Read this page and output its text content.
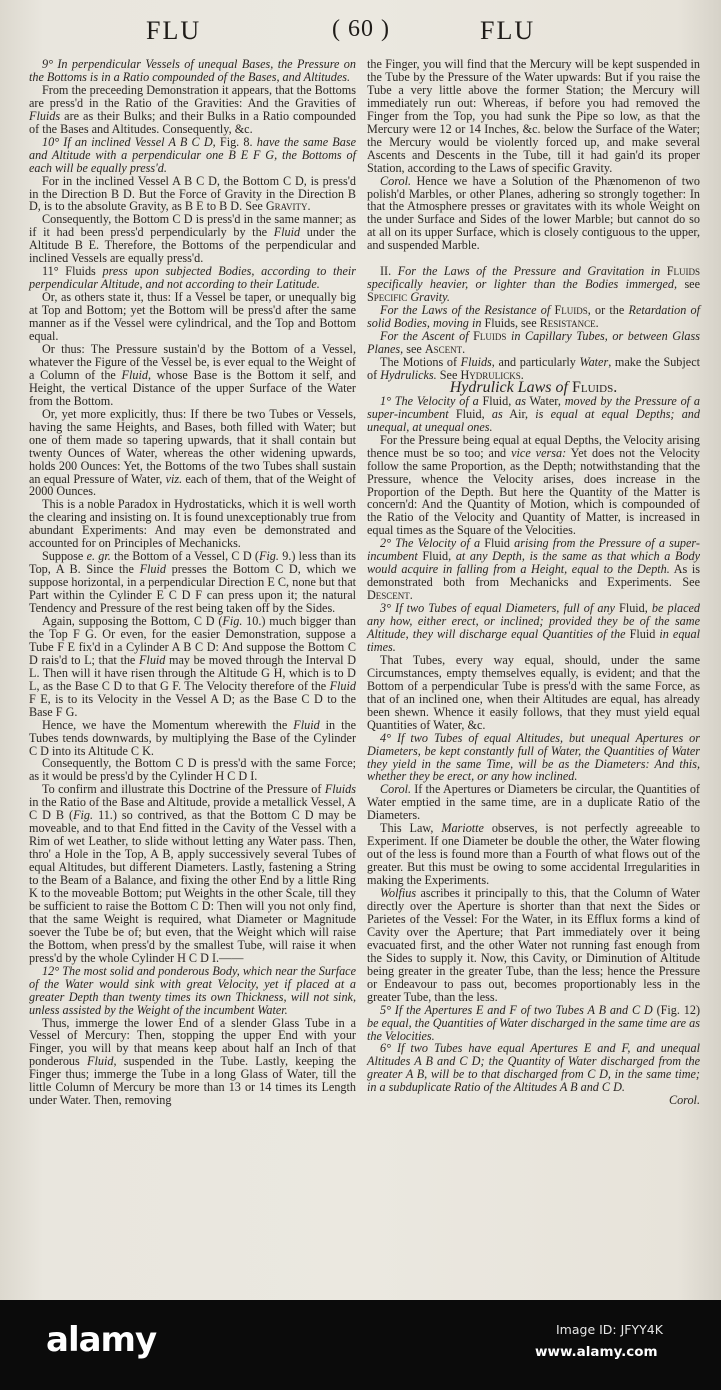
FLU	( 60 )	FLU

9° In perpendicular Vessels of unequal Bases, the Pressure on the Bottoms is in a Ratio compounded of the Bases, and Altitudes.

From the preceeding Demonstration it appears, that the Bottoms are press'd in the Ratio of the Gravities: And the Gravities of Fluids are as their Bulks; and their Bulks in a Ratio compounded of the Bases and Altitudes. Consequently, &c.

10° If an inclined Vessel A B C D, Fig. 8. have the same Base and Altitude with a perpendicular one B E F G, the Bottoms of each will be equally press'd.

For in the inclined Vessel A B C D, the Bottom C D, is press'd in the Direction B D. But the Force of Gravity in the Direction B D, is to the absolute Gravity, as B E to B D. See Gravity.

Consequently, the Bottom C D is press'd in the same manner; as if it had been press'd perpendicularly by the Fluid under the Altitude B E. Therefore, the Bottoms of the perpendicular and inclined Vessels are equally press'd.

11° Fluids press upon subjected Bodies, according to their perpendicular Altitude, and not according to their Latitude.

Or, as others state it, thus: If a Vessel be taper, or unequally big at Top and Bottom; yet the Bottom will be press'd after the same manner as if the Vessel were cylindrical, and the Top and Bottom equal.

Or thus: The Pressure sustain'd by the Bottom of a Vessel, whatever the Figure of the Vessel be, is ever equal to the Weight of a Column of the Fluid, whose Base is the Bottom it self, and Height, the vertical Distance of the upper Surface of the Water from the Bottom.

Or, yet more explicitly, thus: If there be two Tubes or Vessels, having the same Heights, and Bases, both filled with Water; but one of them made so tapering upwards, that it shall contain but twenty Ounces of Water, whereas the other widening upwards, holds 200 Ounces: Yet, the Bottoms of the two Tubes shall sustain an equal Pressure of Water, viz. each of them, that of the Weight of 2000 Ounces.

This is a noble Paradox in Hydrostaticks, which it is well worth the clearing and insisting on. It is found unexceptionably true from abundant Experiments: And may even be demonstrated and accounted for on Principles of Mechanicks.

Suppose e. gr. the Bottom of a Vessel, C D (Fig. 9.) less than its Top, A B. Since the Fluid presses the Bottom C D, which we suppose horizontal, in a perpendicular Direction E C, none but that Part within the Cylinder E C D F can press upon it; the natural Tendency and Pressure of the rest being taken off by the Sides.

Again, supposing the Bottom, C D (Fig. 10.) much bigger than the Top F G. Or even, for the easier Demonstration, suppose a Tube F E fix'd in a Cylinder A B C D: And suppose the Bottom C D rais'd to L; that the Fluid may be moved through the Interval D L. Then will it have risen through the Altitude G H, which is to D L, as the Base C D to that G F. The Velocity therefore of the Fluid F E, is to its Velocity in the Vessel A D; as the Base C D to the Base F G.

Hence, we have the Momentum wherewith the Fluid in the Tubes tends downwards, by multiplying the Base of the Cylinder C D into its Altitude C K.

Consequently, the Bottom C D is press'd with the same Force; as it would be press'd by the Cylinder H C D I.

To confirm and illustrate this Doctrine of the Pressure of Fluids in the Ratio of the Base and Altitude, provide a metallick Vessel, A C D B (Fig. 11.) so contrived, as that the Bottom C D may be moveable, and to that End fitted in the Cavity of the Vessel with a Rim of wet Leather, to slide without letting any Water pass. Then, thro' a Hole in the Top, A B, apply successively several Tubes of equal Altitudes, but different Diameters. Lastly, fastening a String to the Beam of a Balance, and fixing the other End by a little Ring K to the moveable Bottom; put Weights in the other Scale, till they be sufficient to raise the Bottom C D: Then will you not only find, that the same Weight is required, what Diameter or Magnitude soever the Tube be of; but even, that the Weight which will raise the Bottom, when press'd by the smallest Tube, will raise it when press'd by the whole Cylinder H C D I.——

12° The most solid and ponderous Body, which near the Surface of the Water would sink with great Velocity, yet if placed at a greater Depth than twenty times its own Thickness, will not sink, unless assisted by the Weight of the incumbent Water.

Thus, immerge the lower End of a slender Glass Tube in a Vessel of Mercury: Then, stopping the upper End with your Finger, you will by that means keep about half an Inch of that ponderous Fluid, suspended in the Tube. Lastly, keeping the Finger thus; immerge the Tube in a long Glass of Water, till the little Column of Mercury be more than 13 or 14 times its Length under Water. Then, removing

the Finger, you will find that the Mercury will be kept suspended in the Tube by the Pressure of the Water upwards: But if you raise the Tube a very little above the former Station; the Mercury will immediately run out: Whereas, if before you had removed the Finger from the Top, you had sunk the Pipe so low, as that the Mercury were 12 or 14 Inches, &c. below the Surface of the Water; the Mercury would be violently forced up, and make several Ascents and Descents in the Tube, till it had gain'd its proper Station, according to the Laws of specific Gravity.

Corol. Hence we have a Solution of the Phænomenon of two polish'd Marbles, or other Planes, adhering so strongly together: In that the Atmosphere presses or gravitates with its whole Weight on the under Surface and Sides of the lower Marble; but cannot do so at all on its upper Surface, which is closely contiguous to the upper, and suspended Marble.

II. For the Laws of the Pressure and Gravitation in Fluids specifically heavier, or lighter than the Bodies immerged, see Specific Gravity.

For the Laws of the Resistance of Fluids, or the Retardation of solid Bodies, moving in Fluids, see Resistance.

For the Ascent of Fluids in Capillary Tubes, or between Glass Planes, see Ascent.

The Motions of Fluids, and particularly Water, make the Subject of Hydrulicks. See Hydrulicks.

Hydrulick Laws of Fluids.

1° The Velocity of a Fluid, as Water, moved by the Pressure of a super-incumbent Fluid, as Air, is equal at equal Depths; and unequal, at unequal ones.

For the Pressure being equal at equal Depths, the Velocity arising thence must be so too; and vice versa: Yet does not the Velocity follow the same Proportion, as the Depth; notwithstanding that the Pressure, whence the Velocity arises, does increase in the Proportion of the Depth. But here the Quantity of the Matter is concern'd: And the Quantity of Motion, which is compounded of the Ratio of the Velocity and Quantity of Matter, is increased in equal times as the Square of the Velocities.

2° The Velocity of a Fluid arising from the Pressure of a super-incumbent Fluid, at any Depth, is the same as that which a Body would acquire in falling from a Height, equal to the Depth. As is demonstrated both from Mechanicks and Experiments. See Descent.

3° If two Tubes of equal Diameters, full of any Fluid, be placed any how, either erect, or inclined; provided they be of the same Altitude, they will discharge equal Quantities of the Fluid in equal times.

That Tubes, every way equal, should, under the same Circumstances, empty themselves equally, is evident; and that the Bottom of a perpendicular Tube is press'd with the same Force, as that of an inclined one, when their Altitudes are equal, has already been shewn. Whence it easily follows, that they must yield equal Quantities of Water, &c.

4° If two Tubes of equal Altitudes, but unequal Apertures or Diameters, be kept constantly full of Water, the Quantities of Water they yield in the same Time, will be as the Diameters: And this, whether they be erect, or any how inclined.

Corol. If the Apertures or Diameters be circular, the Quantities of Water emptied in the same time, are in a duplicate Ratio of the Diameters.

This Law, Mariotte observes, is not perfectly agreeable to Experiment. If one Diameter be double the other, the Water flowing out of the less is found more than a Fourth of what flows out of the greater. But this must be owing to some accidental Irregularities in making the Experiments.

Wolfius ascribes it principally to this, that the Column of Water directly over the Aperture is shorter than that next the Sides or Parietes of the Vessel: For the Water, in its Efflux forms a kind of Cavity over the Aperture; that Part immediately over it being evacuated first, and the other Water not running fast enough from the Sides to supply it. Now, this Cavity, or Diminution of Altitude being greater in the greater Tube, than the less; hence the Pressure or Endeavour to pass out, becomes proportionably less in the greater Tube, than the less.

5° If the Apertures E and F of two Tubes A B and C D (Fig. 12) be equal, the Quantities of Water discharged in the same time are as the Velocities.

6° If two Tubes have equal Apertures E and F, and unequal Altitudes A B and C D; the Quantity of Water discharged from the greater A B, will be to that discharged from C D, in the same time; in a subduplicate Ratio of the Altitudes A B and C D.

Corol.

alamy	Image ID: JFYY4K
www.alamy.com
